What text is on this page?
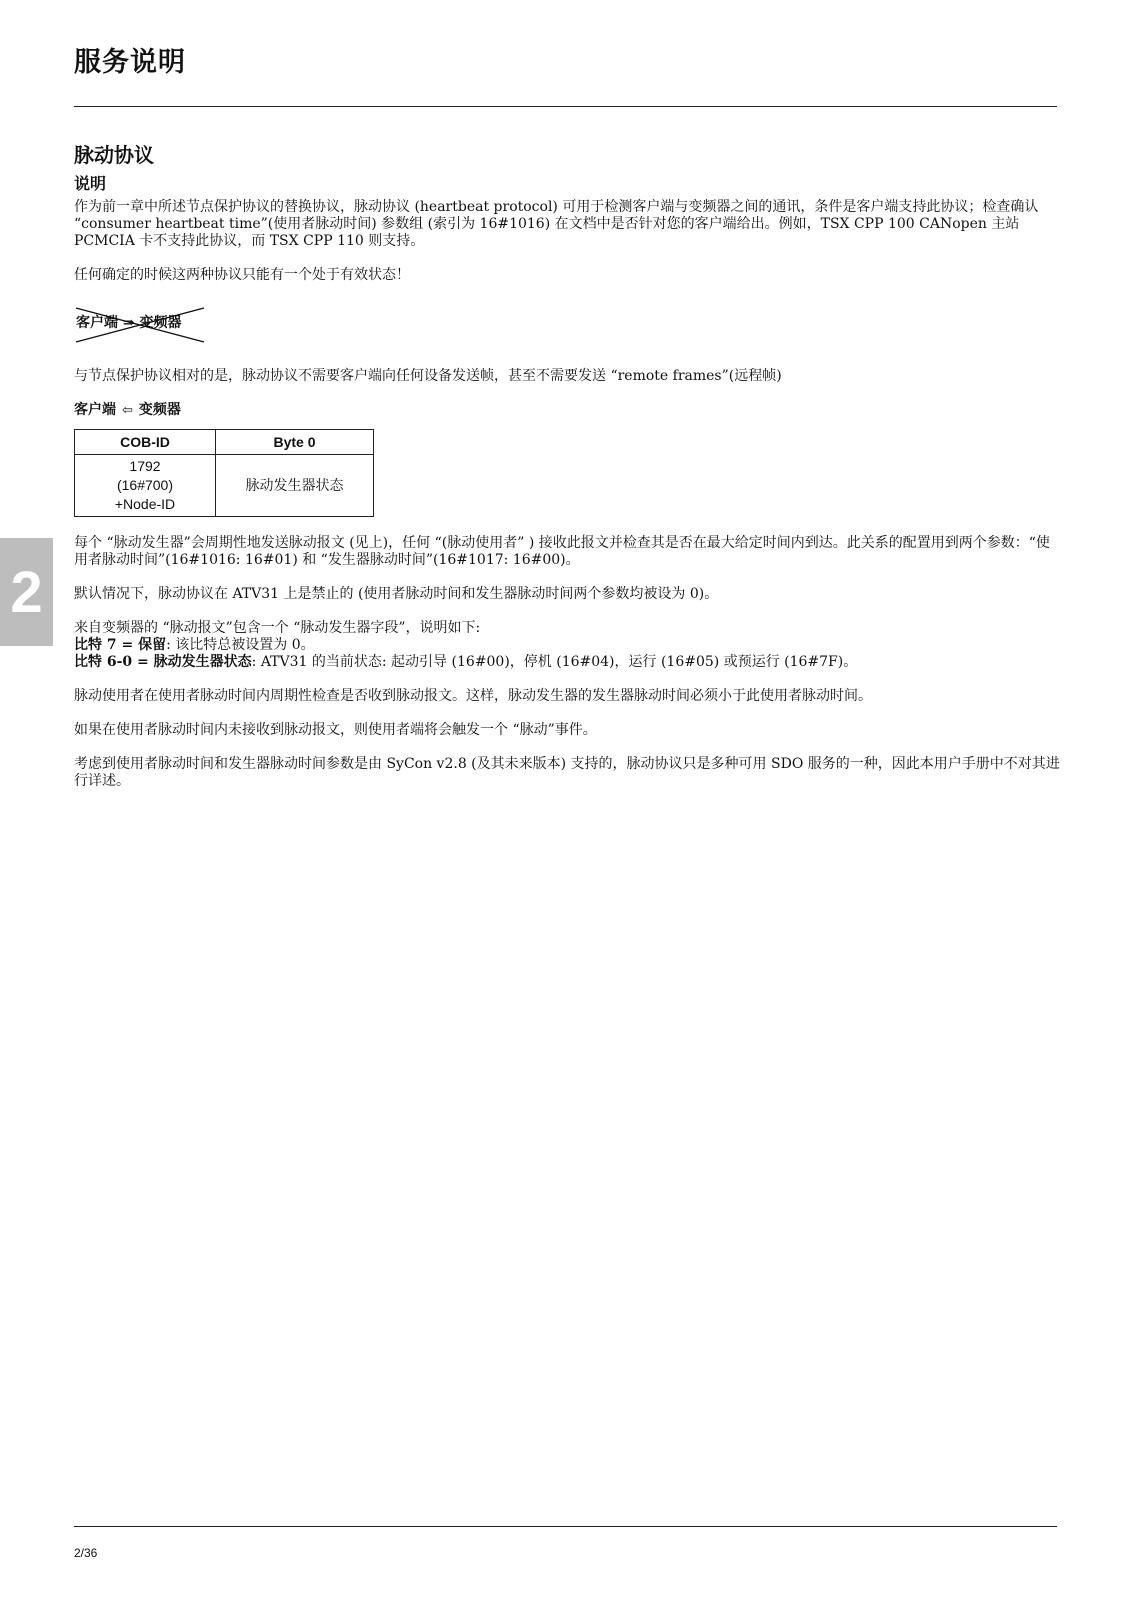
服务说明
2
脉动协议
说明

作为前一章中所述节点保护协议的替换协议，脉动协议 (heartbeat protocol) 可用于检测客户端与变频器之间的通讯，条件是客户端支持此协议；检查确认 “consumer heartbeat time”(使用者脉动时间) 参数组 (索引为 16#1016) 在文档中是否针对您的客户端给出。例如，TSX CPP 100 CANopen 主站 PCMCIA 卡不支持此协议，而 TSX CPP 110 则支持。

任何确定的时候这两种协议只能有一个处于有效状态！

客户端 ⇒ 变频器

与节点保护协议相对的是，脉动协议不需要客户端向任何设备发送帧，甚至不需要发送 “remote frames”(远程帧)

客户端 ⇦ 变频器
COB-ID	Byte 0

1792
(16#700)
+Node-ID	脉动发生器状态

每个 “脉动发生器”会周期性地发送脉动报文 (见上)，任何 “(脉动使用者” ) 接收此报文并检查其是否在最大给定时间内到达。此关系的配置用到两个参数：“使用者脉动时间”(16#1016: 16#01) 和 “发生器脉动时间”(16#1017: 16#00)。

默认情况下，脉动协议在 ATV31 上是禁止的 (使用者脉动时间和发生器脉动时间两个参数均被设为 0)。

来自变频器的 “脉动报文”包含一个 “脉动发生器字段”，说明如下:

比特 7 = 保留: 该比特总被设置为 0。

比特 6-0 = 脉动发生器状态: ATV31 的当前状态: 起动引导 (16#00)，停机 (16#04)，运行 (16#05) 或预运行 (16#7F)。

脉动使用者在使用者脉动时间内周期性检查是否收到脉动报文。这样，脉动发生器的发生器脉动时间必须小于此使用者脉动时间。

如果在使用者脉动时间内未接收到脉动报文，则使用者端将会触发一个 “脉动”事件。

考虑到使用者脉动时间和发生器脉动时间参数是由 SyCon v2.8 (及其未来版本) 支持的，脉动协议只是多种可用 SDO 服务的一种，因此本用户手册中不对其进行详述。

2/36
